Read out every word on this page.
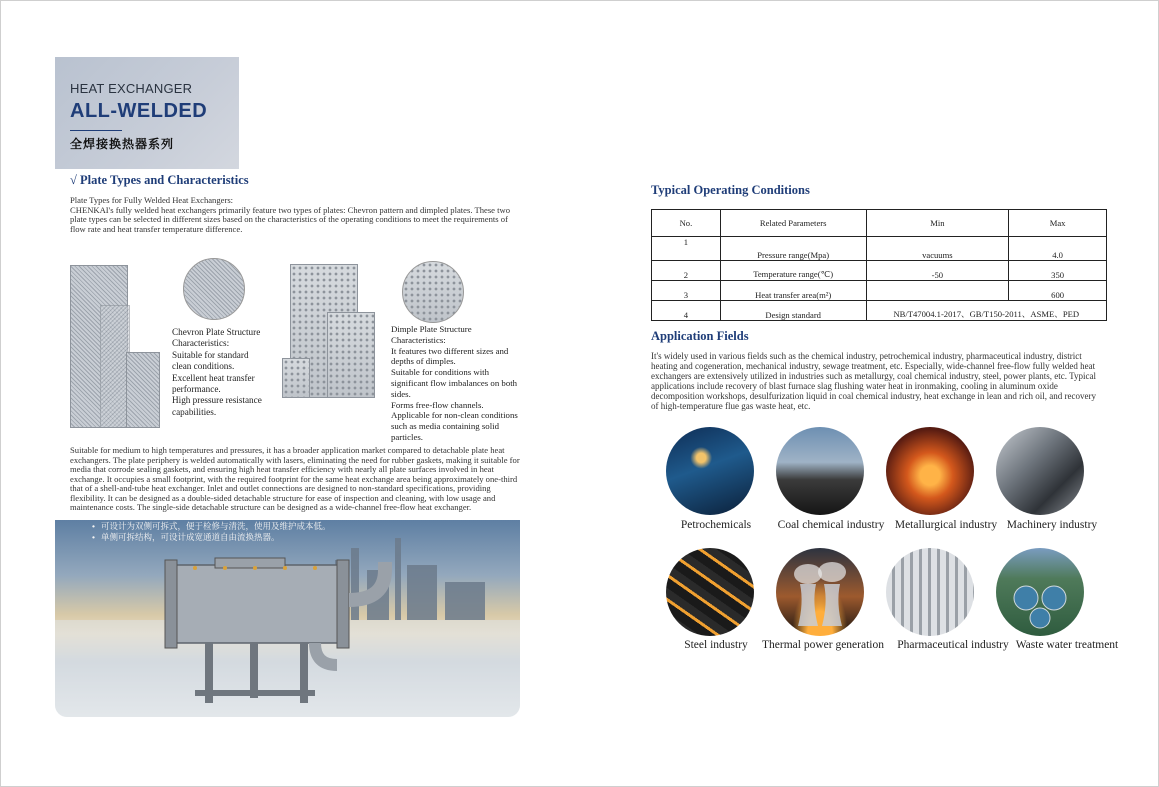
HEAT EXCHANGER
ALL-WELDED
全焊接换热器系列
√ Plate Types and Characteristics
Plate Types for Fully Welded Heat Exchangers:
CHENKAI's fully welded heat exchangers primarily feature two types of plates: Chevron pattern and dimpled plates. These two plate types can be selected in different sizes based on the characteristics of the operating conditions to meet the requirements of flow rate and heat transfer temperature difference.
Chevron Plate Structure
Characteristics:
Suitable for standard
clean conditions.
Excellent heat transfer
performance.
High pressure resistance
capabilities.
Dimple Plate Structure
Characteristics:
It features two different sizes and
depths of dimples.
Suitable for conditions with
significant flow imbalances on both
sides.
Forms free-flow channels.
Applicable for non-clean conditions
such as media containing solid
particles.
Suitable for medium to high temperatures and pressures, it has a broader application market compared to detachable plate heat exchangers. The plate periphery is welded automatically with lasers, eliminating the need for rubber gaskets, making it suitable for media that corrode sealing gaskets, and ensuring high heat transfer efficiency with nearly all plate surfaces involved in heat exchange. It occupies a small footprint, with the required footprint for the same heat exchange area being approximately one-third that of a shell-and-tube heat exchanger. Inlet and outlet connections are designed to non-standard specifications, providing flexibility. It can be designed as a double-sided detachable structure for ease of inspection and cleaning, with low usage and maintenance costs. The single-side detachable structure can be designed as a wide-channel free-flow heat exchanger.
• 可设计为双侧可拆式，便于检修与清洗，使用及维护成本低。
• 单侧可拆结构，可设计成宽通道自由流换热器。
Typical Operating Conditions
No.	Related Parameters	Min	Max
1	Pressure range(Mpa)	vacuums	4.0
2	Temperature range(℃)	-50	350
3	Heat transfer area(m²)		600
4	Design standard	NB/T47004.1-2017、GB/T150-2011、ASME、PED	
Application Fields
It's widely used in various fields such as the chemical industry, petrochemical industry, pharmaceutical industry, district heating and cogeneration, mechanical industry, sewage treatment, etc. Especially, wide-channel free-flow fully welded heat exchangers are extensively utilized in industries such as metallurgy, coal chemical industry, steel, power plants, etc. Typical applications include recovery of blast furnace slag flushing water heat in ironmaking, cooling in aluminum oxide decomposition workshops, desulfurization liquid in coal chemical industry, heat exchange in lean and rich oil, and recovery of high-temperature flue gas waste heat, etc.
Petrochemicals	Coal chemical industry Metallurgical industry Machinery industry
Steel industry	Thermal power generation	Pharmaceutical industry Waste water treatment
